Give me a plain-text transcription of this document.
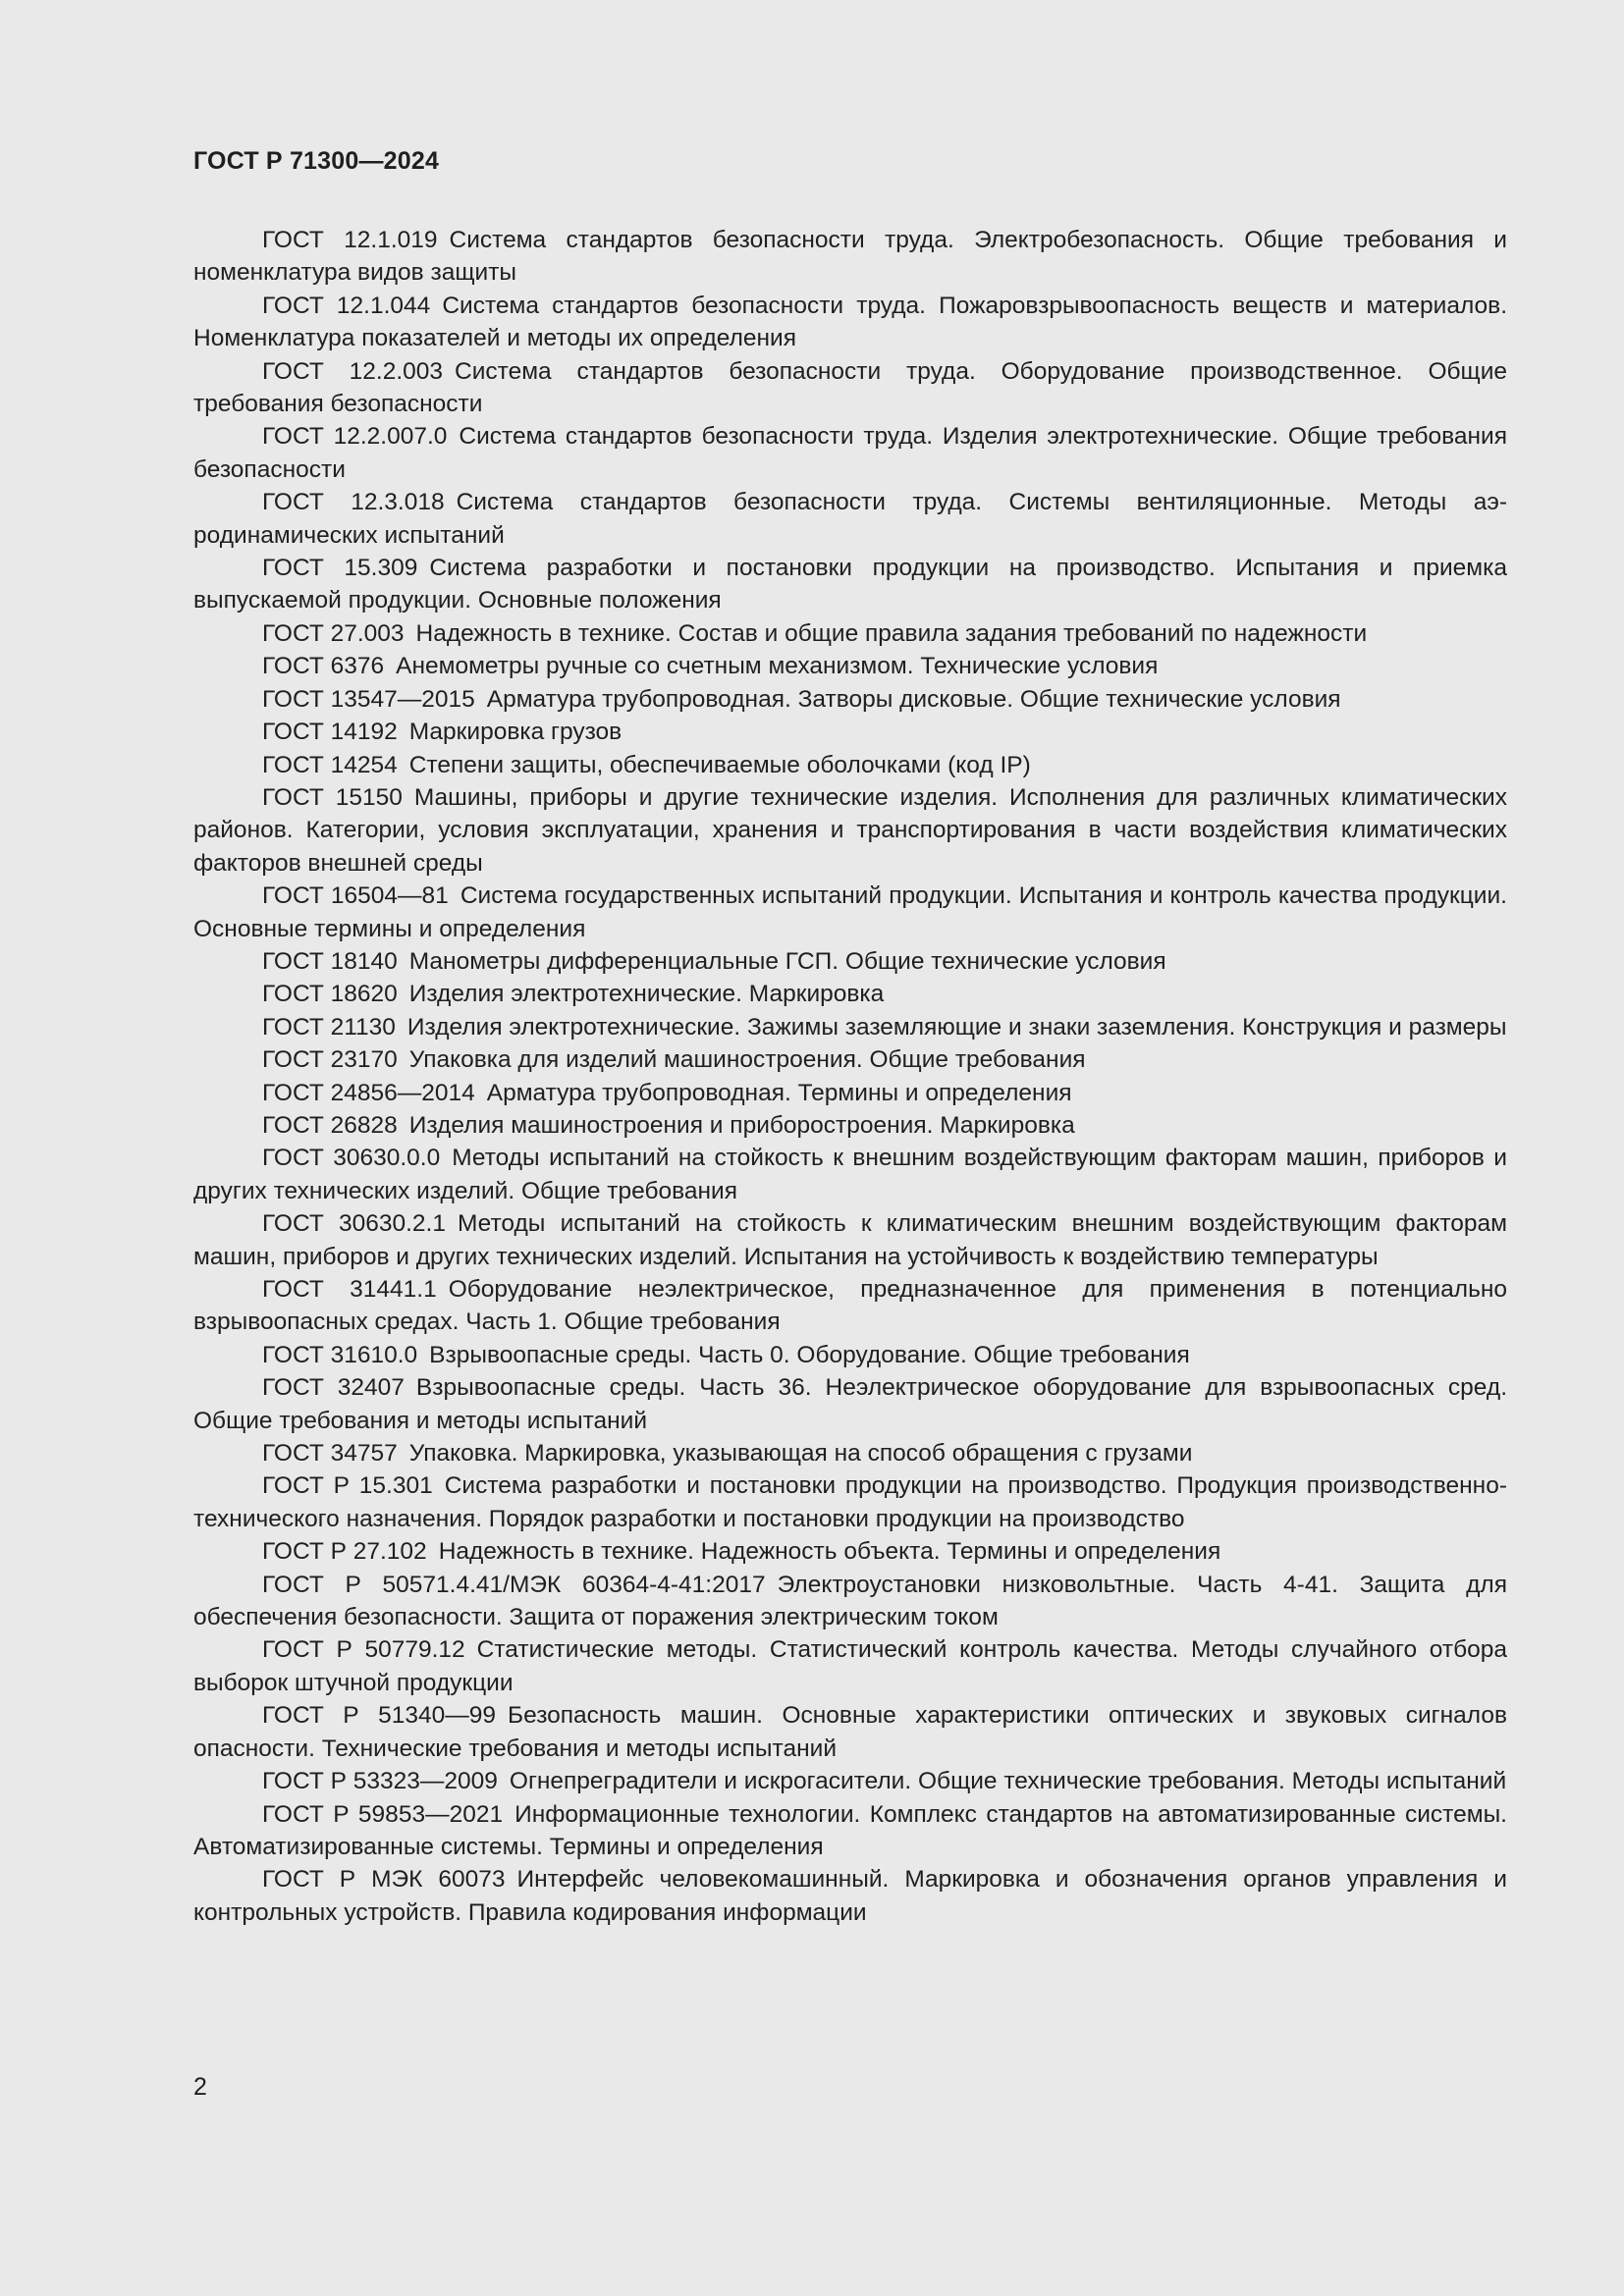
ГОСТ Р 71300—2024

ГОСТ 12.1.019 Система стандартов безопасности труда. Электробезопасность. Общие требования и номенклатура видов защиты

ГОСТ 12.1.044 Система стандартов безопасности труда. Пожаровзрывоопасность веществ и материалов. Номенклатура показателей и методы их определения

ГОСТ 12.2.003 Система стандартов безопасности труда. Оборудование производственное. Общие требования безопасности

ГОСТ 12.2.007.0 Система стандартов безопасности труда. Изделия электротехнические. Общие требования безопасности

ГОСТ 12.3.018 Система стандартов безопасности труда. Системы вентиляционные. Методы аэродинамических испытаний

ГОСТ 15.309 Система разработки и постановки продукции на производство. Испытания и приемка выпускаемой продукции. Основные положения

ГОСТ 27.003 Надежность в технике. Состав и общие правила задания требований по надежности

ГОСТ 6376 Анемометры ручные со счетным механизмом. Технические условия

ГОСТ 13547—2015 Арматура трубопроводная. Затворы дисковые. Общие технические условия

ГОСТ 14192 Маркировка грузов

ГОСТ 14254 Степени защиты, обеспечиваемые оболочками (код IP)

ГОСТ 15150 Машины, приборы и другие технические изделия. Исполнения для различных климатических районов. Категории, условия эксплуатации, хранения и транспортирования в части воздействия климатических факторов внешней среды

ГОСТ 16504—81 Система государственных испытаний продукции. Испытания и контроль качества продукции. Основные термины и определения

ГОСТ 18140 Манометры дифференциальные ГСП. Общие технические условия

ГОСТ 18620 Изделия электротехнические. Маркировка

ГОСТ 21130 Изделия электротехнические. Зажимы заземляющие и знаки заземления. Конструкция и размеры

ГОСТ 23170 Упаковка для изделий машиностроения. Общие требования

ГОСТ 24856—2014 Арматура трубопроводная. Термины и определения

ГОСТ 26828 Изделия машиностроения и приборостроения. Маркировка

ГОСТ 30630.0.0 Методы испытаний на стойкость к внешним воздействующим факторам машин, приборов и других технических изделий. Общие требования

ГОСТ 30630.2.1 Методы испытаний на стойкость к климатическим внешним воздействующим факторам машин, приборов и других технических изделий. Испытания на устойчивость к воздействию температуры

ГОСТ 31441.1 Оборудование неэлектрическое, предназначенное для применения в потенциально взрывоопасных средах. Часть 1. Общие требования

ГОСТ 31610.0 Взрывоопасные среды. Часть 0. Оборудование. Общие требования

ГОСТ 32407 Взрывоопасные среды. Часть 36. Неэлектрическое оборудование для взрывоопасных сред. Общие требования и методы испытаний

ГОСТ 34757 Упаковка. Маркировка, указывающая на способ обращения с грузами

ГОСТ Р 15.301 Система разработки и постановки продукции на производство. Продукция производственно-технического назначения. Порядок разработки и постановки продукции на производство

ГОСТ Р 27.102 Надежность в технике. Надежность объекта. Термины и определения

ГОСТ Р 50571.4.41/МЭК 60364-4-41:2017 Электроустановки низковольтные. Часть 4-41. Защита для обеспечения безопасности. Защита от поражения электрическим током

ГОСТ Р 50779.12 Статистические методы. Статистический контроль качества. Методы случайного отбора выборок штучной продукции

ГОСТ Р 51340—99 Безопасность машин. Основные характеристики оптических и звуковых сигналов опасности. Технические требования и методы испытаний

ГОСТ Р 53323—2009 Огнепреградители и искрогасители. Общие технические требования. Методы испытаний

ГОСТ Р 59853—2021 Информационные технологии. Комплекс стандартов на автоматизированные системы. Автоматизированные системы. Термины и определения

ГОСТ Р МЭК 60073 Интерфейс человекомашинный. Маркировка и обозначения органов управления и контрольных устройств. Правила кодирования информации

2
